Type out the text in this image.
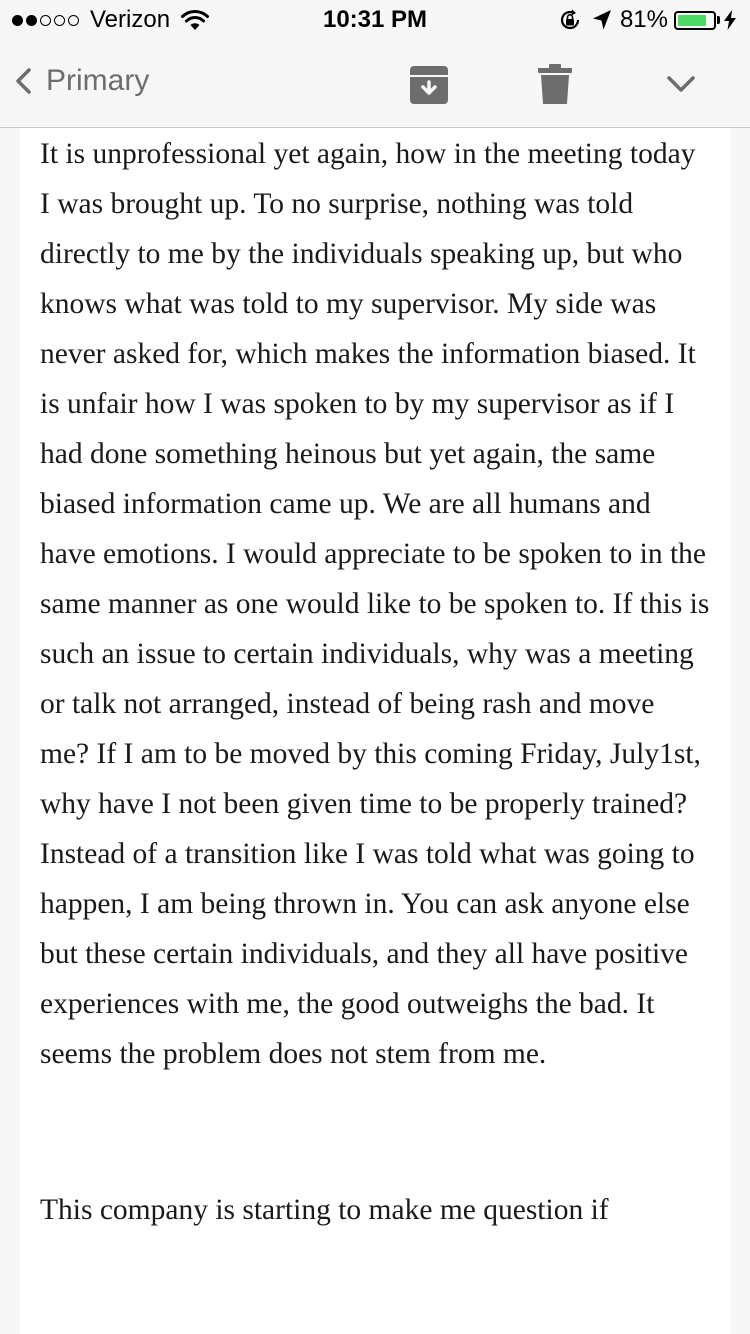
Verizon	10:31 PM	81%
Primary

It is unprofessional yet again, how in the meeting today I was brought up. To no surprise, nothing was told directly to me by the individuals speaking up, but who knows what was told to my supervisor. My side was never asked for, which makes the information biased. It is unfair how I was spoken to by my supervisor as if I had done something heinous but yet again, the same biased information came up. We are all humans and have emotions. I would appreciate to be spoken to in the same manner as one would like to be spoken to. If this is such an issue to certain individuals, why was a meeting or talk not arranged, instead of being rash and move me? If I am to be moved by this coming Friday, July1st, why have I not been given time to be properly trained? Instead of a transition like I was told what was going to happen, I am being thrown in. You can ask anyone else but these certain individuals, and they all have positive experiences with me, the good outweighs the bad. It seems the problem does not stem from me.

This company is starting to make me question if
